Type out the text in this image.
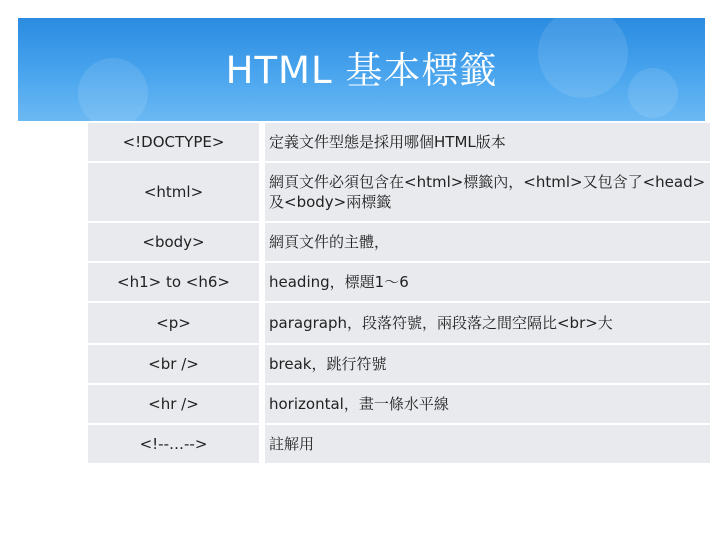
HTML 基本標籤
<!DOCTYPE>	定義文件型態是採用哪個HTML版本
<html>	網頁文件必須包含在<html>標籤內，<html>又包含了<head>及<body>兩標籤
<body>	網頁文件的主體，
<h1> to <h6>	heading，標題1～6
<p>	paragraph，段落符號，兩段落之間空隔比<br>大
<br />	break，跳行符號
<hr />	horizontal，畫一條水平線
<!--…-->	註解用
